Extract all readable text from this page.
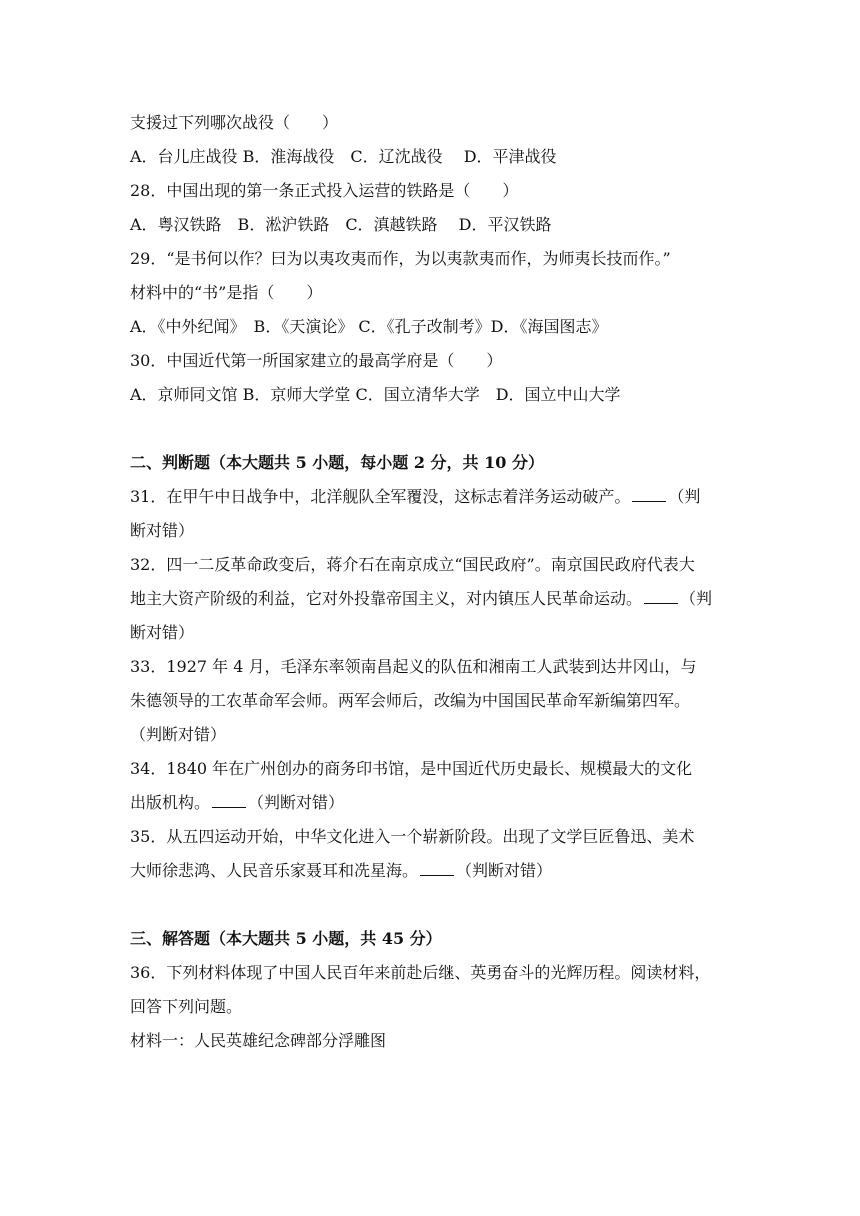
支援过下列哪次战役（　　）
A．台儿庄战役 B．淮海战役　C．辽沈战役　 D．平津战役
28．中国出现的第一条正式投入运营的铁路是（　　）
A．粤汉铁路　B．淞沪铁路　C．滇越铁路　 D．平汉铁路
29．“是书何以作？曰为以夷攻夷而作，为以夷款夷而作，为师夷长技而作。”
材料中的“书”是指（　　）
A．《中外纪闻》　B．《天演论》 C．《孔子改制考》D．《海国图志》
30．中国近代第一所国家建立的最高学府是（　　）
A．京师同文馆 B．京师大学堂 C．国立清华大学　D．国立中山大学
二、判断题（本大题共 5 小题，每小题 2 分，共 10 分）
31．在甲午中日战争中，北洋舰队全军覆没，这标志着洋务运动破产。 （判
断对错）
32．四一二反革命政变后，蒋介石在南京成立“国民政府”。南京国民政府代表大
地主大资产阶级的利益，它对外投靠帝国主义，对内镇压人民革命运动。 （判
断对错）
33．1927 年 4 月，毛泽东率领南昌起义的队伍和湘南工人武装到达井冈山，与
朱德领导的工农革命军会师。两军会师后，改编为中国国民革命军新编第四军。
（判断对错）
34．1840 年在广州创办的商务印书馆，是中国近代历史最长、规模最大的文化
出版机构。 （判断对错）
35．从五四运动开始，中华文化进入一个崭新阶段。出现了文学巨匠鲁迅、美术
大师徐悲鸿、人民音乐家聂耳和冼星海。 （判断对错）
三、解答题（本大题共 5 小题，共 45 分）
36．下列材料体现了中国人民百年来前赴后继、英勇奋斗的光辉历程。阅读材料，
回答下列问题。
材料一：人民英雄纪念碑部分浮雕图
